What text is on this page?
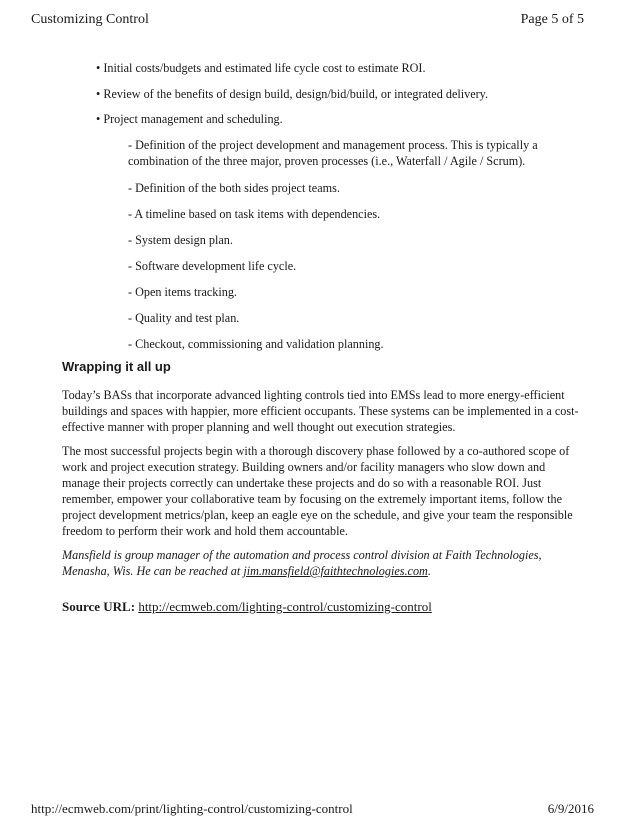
Customizing Control	Page 5 of 5
• Initial costs/budgets and estimated life cycle cost to estimate ROI.
• Review of the benefits of design build, design/bid/build, or integrated delivery.
• Project management and scheduling.
- Definition of the project development and management process. This is typically a combination of the three major, proven processes (i.e., Waterfall / Agile / Scrum).
- Definition of the both sides project teams.
- A timeline based on task items with dependencies.
- System design plan.
- Software development life cycle.
- Open items tracking.
- Quality and test plan.
- Checkout, commissioning and validation planning.
Wrapping it all up
Today’s BASs that incorporate advanced lighting controls tied into EMSs lead to more energy-efficient buildings and spaces with happier, more efficient occupants. These systems can be implemented in a cost-effective manner with proper planning and well thought out execution strategies.
The most successful projects begin with a thorough discovery phase followed by a co-authored scope of work and project execution strategy. Building owners and/or facility managers who slow down and manage their projects correctly can undertake these projects and do so with a reasonable ROI. Just remember, empower your collaborative team by focusing on the extremely important items, follow the project development metrics/plan, keep an eagle eye on the schedule, and give your team the responsible freedom to perform their work and hold them accountable.
Mansfield is group manager of the automation and process control division at Faith Technologies, Menasha, Wis. He can be reached at jim.mansfield@faithtechnologies.com.
Source URL: http://ecmweb.com/lighting-control/customizing-control
http://ecmweb.com/print/lighting-control/customizing-control	6/9/2016
